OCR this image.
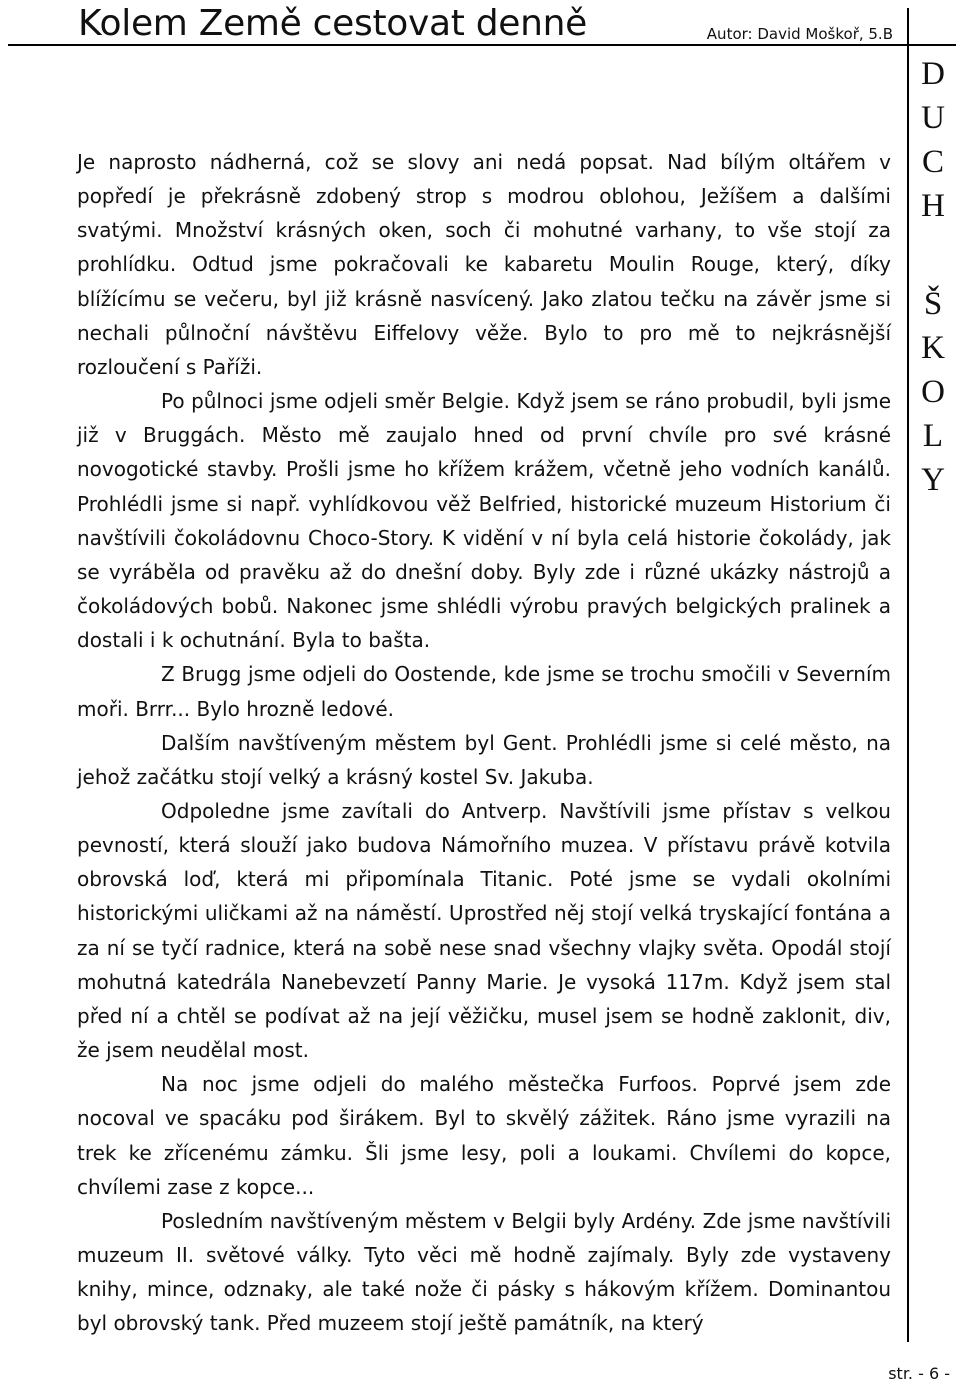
Kolem Země cestovat denně	Autor: David Moškoř, 5.B
D
U
C
H
Š
K
O
L
Y

Je naprosto nádherná, což se slovy ani nedá popsat. Nad bílým oltářem v popředí je překrásně zdobený strop s modrou oblohou, Ježíšem a dalšími svatými. Množství krásných oken, soch či mohutné varhany, to vše stojí za prohlídku. Odtud jsme pokračovali ke kabaretu Moulin Rouge, který, díky blížícímu se večeru, byl již krásně nasvícený. Jako zlatou tečku na závěr jsme si nechali půlnoční návštěvu Eiffelovy věže. Bylo to pro mě to nejkrásnější rozloučení s Paříži.

Po půlnoci jsme odjeli směr Belgie. Když jsem se ráno probudil, byli jsme již v Bruggách. Město mě zaujalo hned od první chvíle pro své krásné novogotické stavby. Prošli jsme ho křížem krážem, včetně jeho vodních kanálů. Prohlédli jsme si např. vyhlídkovou věž Belfried, historické muzeum Historium či navštívili čokoládovnu Choco-Story. K vidění v ní byla celá historie čokolády, jak se vyráběla od pravěku až do dnešní doby. Byly zde i různé ukázky nástrojů a čokoládových bobů. Nakonec jsme shlédli výrobu pravých belgických pralinek a dostali i k ochutnání. Byla to bašta.

Z Brugg jsme odjeli do Oostende, kde jsme se trochu smočili v Severním moři. Brrr... Bylo hrozně ledové.

Dalším navštíveným městem byl Gent. Prohlédli jsme si celé město, na jehož začátku stojí velký a krásný kostel Sv. Jakuba.

Odpoledne jsme zavítali do Antverp. Navštívili jsme přístav s velkou pevností, která slouží jako budova Námořního muzea. V přístavu právě kotvila obrovská loď, která mi připomínala Titanic. Poté jsme se vydali okolními historickými uličkami až na náměstí. Uprostřed něj stojí velká tryskající fontána a za ní se tyčí radnice, která na sobě nese snad všechny vlajky světa. Opodál stojí mohutná katedrála Nanebevzetí Panny Marie. Je vysoká 117m. Když jsem stal před ní a chtěl se podívat až na její věžičku, musel jsem se hodně zaklonit, div, že jsem neudělal most.

Na noc jsme odjeli do malého městečka Furfoos. Poprvé jsem zde nocoval ve spacáku pod širákem. Byl to skvělý zážitek. Ráno jsme vyrazili na trek ke zřícenému zámku. Šli jsme lesy, poli a loukami. Chvílemi do kopce, chvílemi zase z kopce...

Posledním navštíveným městem v Belgii byly Ardény. Zde jsme navštívili muzeum II. světové války. Tyto věci mě hodně zajímaly. Byly zde vystaveny knihy, mince, odznaky, ale také nože či pásky s hákovým křížem. Dominantou byl obrovský tank. Před muzeem stojí ještě památník, na který

str. - 6 -
